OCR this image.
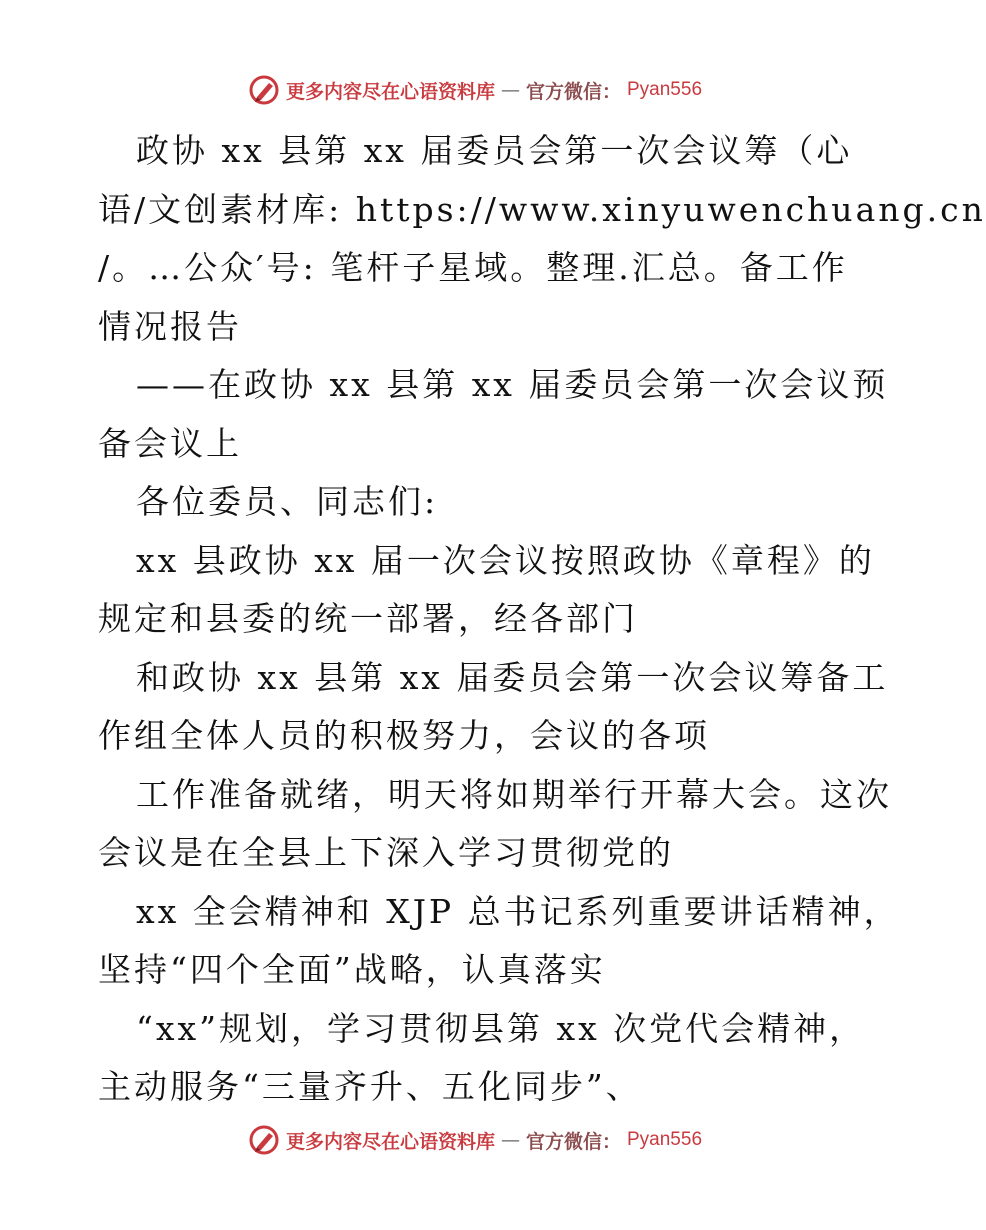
更多内容尽在心语资料库 — 官方微信： Pyan556
政协 xx 县第 xx 届委员会第一次会议筹（心
语/文创素材库: https://www.xinyuwenchuang.cn
/。…公众′号: 笔杆子星域。整理.汇总。备工作
情况报告
——在政协 xx 县第 xx 届委员会第一次会议预
备会议上
各位委员、同志们:
xx 县政协 xx 届一次会议按照政协《章程》的
规定和县委的统一部署，经各部门
和政协 xx 县第 xx 届委员会第一次会议筹备工
作组全体人员的积极努力，会议的各项
工作准备就绪，明天将如期举行开幕大会。这次
会议是在全县上下深入学习贯彻党的
xx 全会精神和 XJP 总书记系列重要讲话精神，
坚持“四个全面”战略，认真落实
“xx”规划，学习贯彻县第 xx 次党代会精神，
主动服务“三量齐升、五化同步”、
更多内容尽在心语资料库 — 官方微信： Pyan556
